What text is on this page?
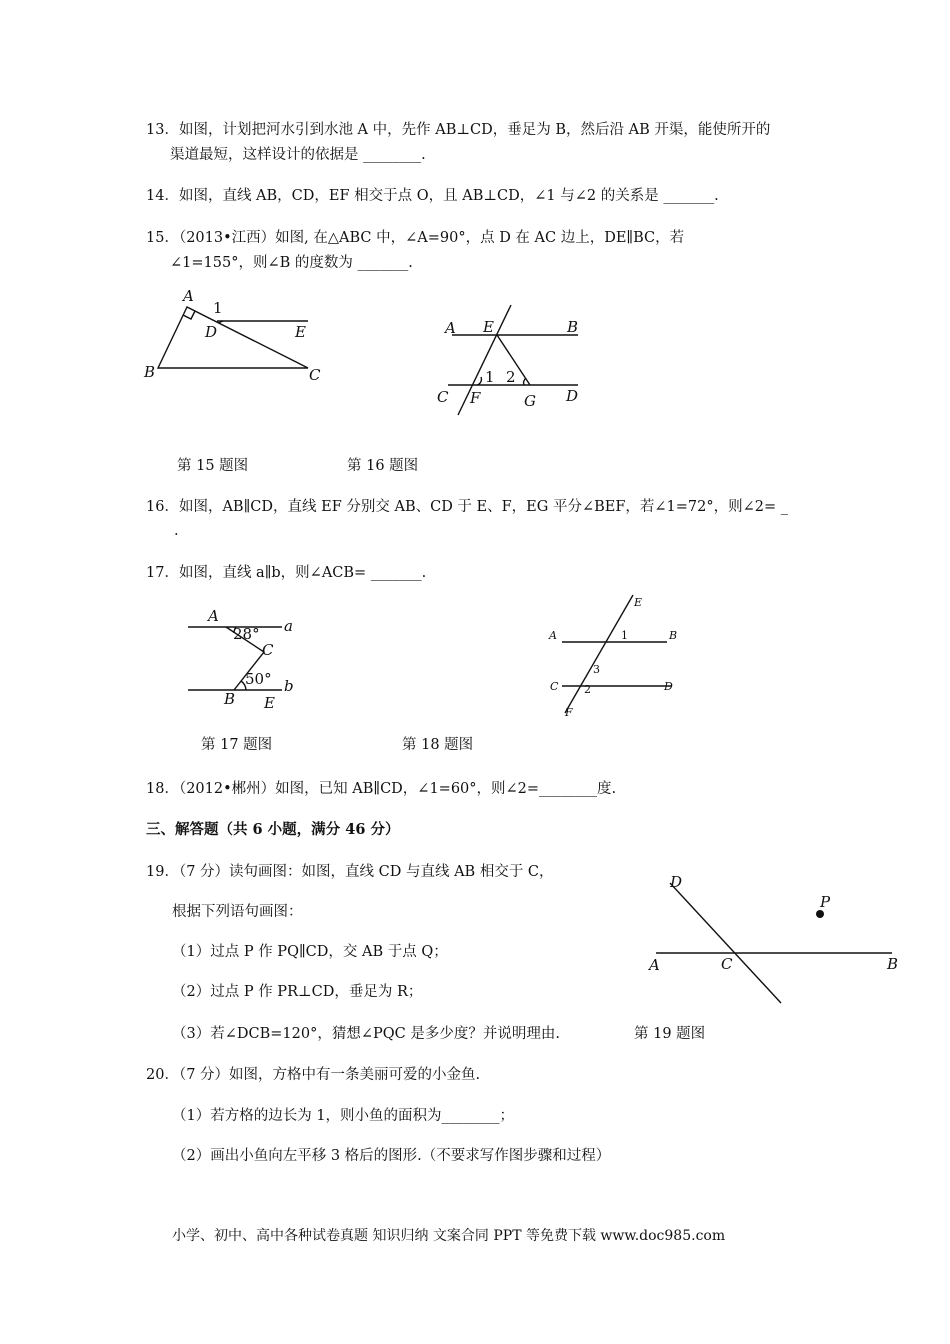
13．如图，计划把河水引到水池 A 中，先作 AB⊥CD，垂足为 B，然后沿 AB 开渠，能使所开的
渠道最短，这样设计的依据是 ________.
14．如图，直线 AB，CD，EF 相交于点 O，且 AB⊥CD，∠1 与∠2 的关系是 _______.
15．（2013•江西）如图, 在△ABC 中，∠A=90°，点 D 在 AC 边上，DE∥BC，若
∠1=155°，则∠B 的度数为 _______.
A
1
D	E
B	C
A E	B
1 2
C F	G D
第 15 题图	第 16 题图
16．如图，AB∥CD，直线 EF 分别交 AB、CD 于 E、F，EG 平分∠BEF，若∠1=72°，则∠2= _
.
17．如图，直线 a∥b，则∠ACB= _______.
A
28° a
C
50°
B
b
E
E
A	1	B
3
C 2	D
F
第 17 题图	第 18 题图
18．（2012•郴州）如图，已知 AB∥CD，∠1=60°，则∠2=________度.
三、解答题（共 6 小题，满分 46 分）
19．（7 分）读句画图：如图，直线 CD 与直线 AB 相交于 C，
根据下列语句画图：
（1）过点 P 作 PQ∥CD，交 AB 于点 Q；
（2）过点 P 作 PR⊥CD，垂足为 R；
（3）若∠DCB=120°，猜想∠PQC 是多少度？并说明理由.
D
P
A	C	B
第 19 题图
20．（7 分）如图，方格中有一条美丽可爱的小金鱼.
（1）若方格的边长为 1，则小鱼的面积为________；
（2）画出小鱼向左平移 3 格后的图形.（不要求写作图步骤和过程）
小学、初中、高中各种试卷真题 知识归纳 文案合同 PPT 等免费下载 www.doc985.com
